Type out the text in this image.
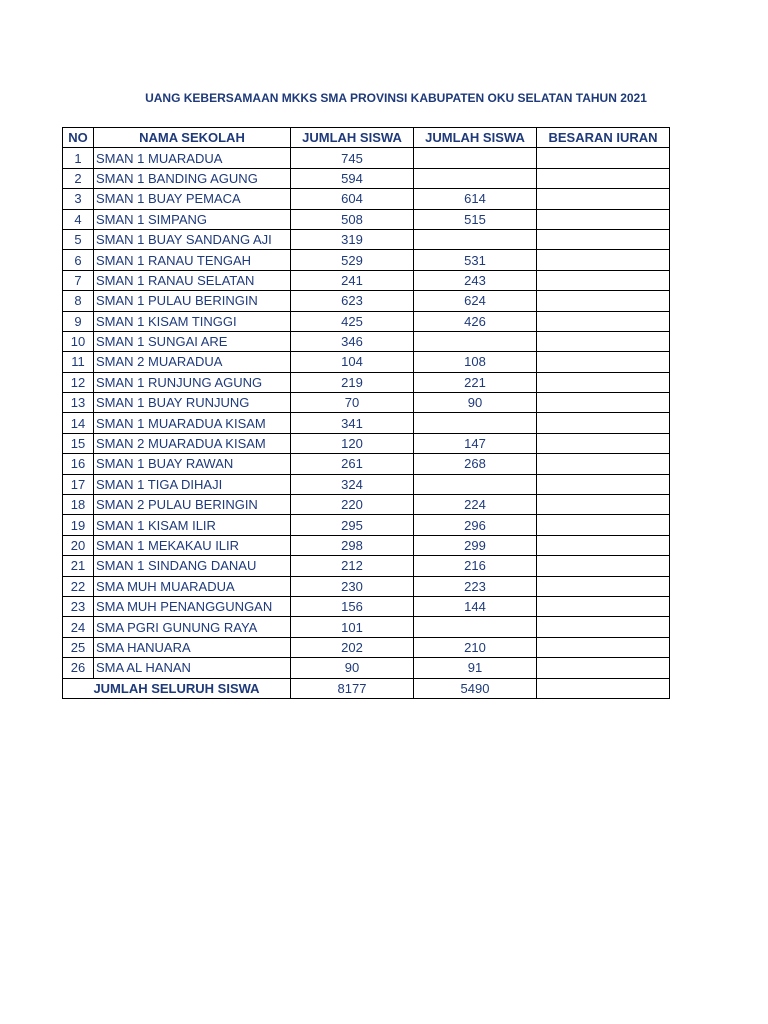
UANG KEBERSAMAAN MKKS SMA PROVINSI KABUPATEN OKU SELATAN TAHUN 2021
NO	NAMA SEKOLAH	JUMLAH SISWA	JUMLAH SISWA	BESARAN IURAN
1	SMAN 1 MUARADUA	745		
2	SMAN 1 BANDING AGUNG	594		
3	SMAN 1 BUAY PEMACA	604	614	
4	SMAN 1 SIMPANG	508	515	
5	SMAN 1 BUAY SANDANG AJI	319		
6	SMAN 1 RANAU TENGAH	529	531	
7	SMAN 1 RANAU SELATAN	241	243	
8	SMAN 1 PULAU BERINGIN	623	624	
9	SMAN 1 KISAM TINGGI	425	426	
10	SMAN 1 SUNGAI ARE	346		
11	SMAN 2 MUARADUA	104	108	
12	SMAN 1 RUNJUNG AGUNG	219	221	
13	SMAN 1 BUAY RUNJUNG	70	90	
14	SMAN 1 MUARADUA KISAM	341		
15	SMAN 2 MUARADUA KISAM	120	147	
16	SMAN 1 BUAY RAWAN	261	268	
17	SMAN 1 TIGA DIHAJI	324		
18	SMAN 2 PULAU BERINGIN	220	224	
19	SMAN 1 KISAM ILIR	295	296	
20	SMAN 1 MEKAKAU ILIR	298	299	
21	SMAN 1 SINDANG DANAU	212	216	
22	SMA MUH MUARADUA	230	223	
23	SMA MUH PENANGGUNGAN	156	144	
24	SMA PGRI GUNUNG RAYA	101		
25	SMA HANUARA	202	210	
26	SMA AL HANAN	90	91	
JUMLAH SELURUH SISWA		8177	5490	
